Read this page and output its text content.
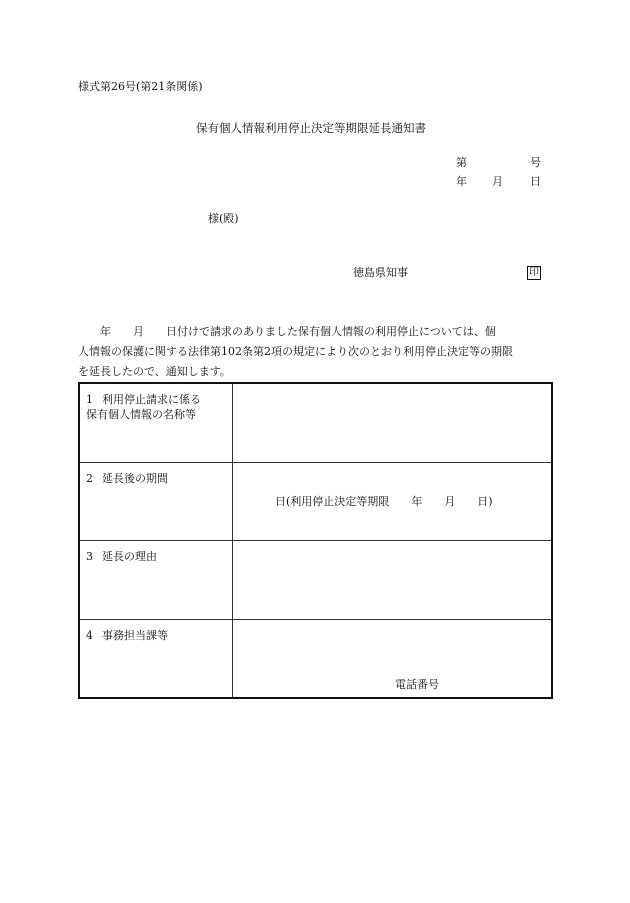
様式第26号(第21条関係)
保有個人情報利用停止決定等期限延長通知書
第	号
年 月 日
様(殿)
徳島県知事	印
　　年　　月　　日付けで請求のありました保有個人情報の利用停止については、個
人情報の保護に関する法律第102条第2項の規定により次のとおり利用停止決定等の期限
を延長したので、通知します。
1 利用停止請求に係る
保有個人情報の名称等	
2 延長後の期間	日(利用停止決定等期限　　年　　月　　日)

3 延長の理由	
4 事務担当課等	電話番号
